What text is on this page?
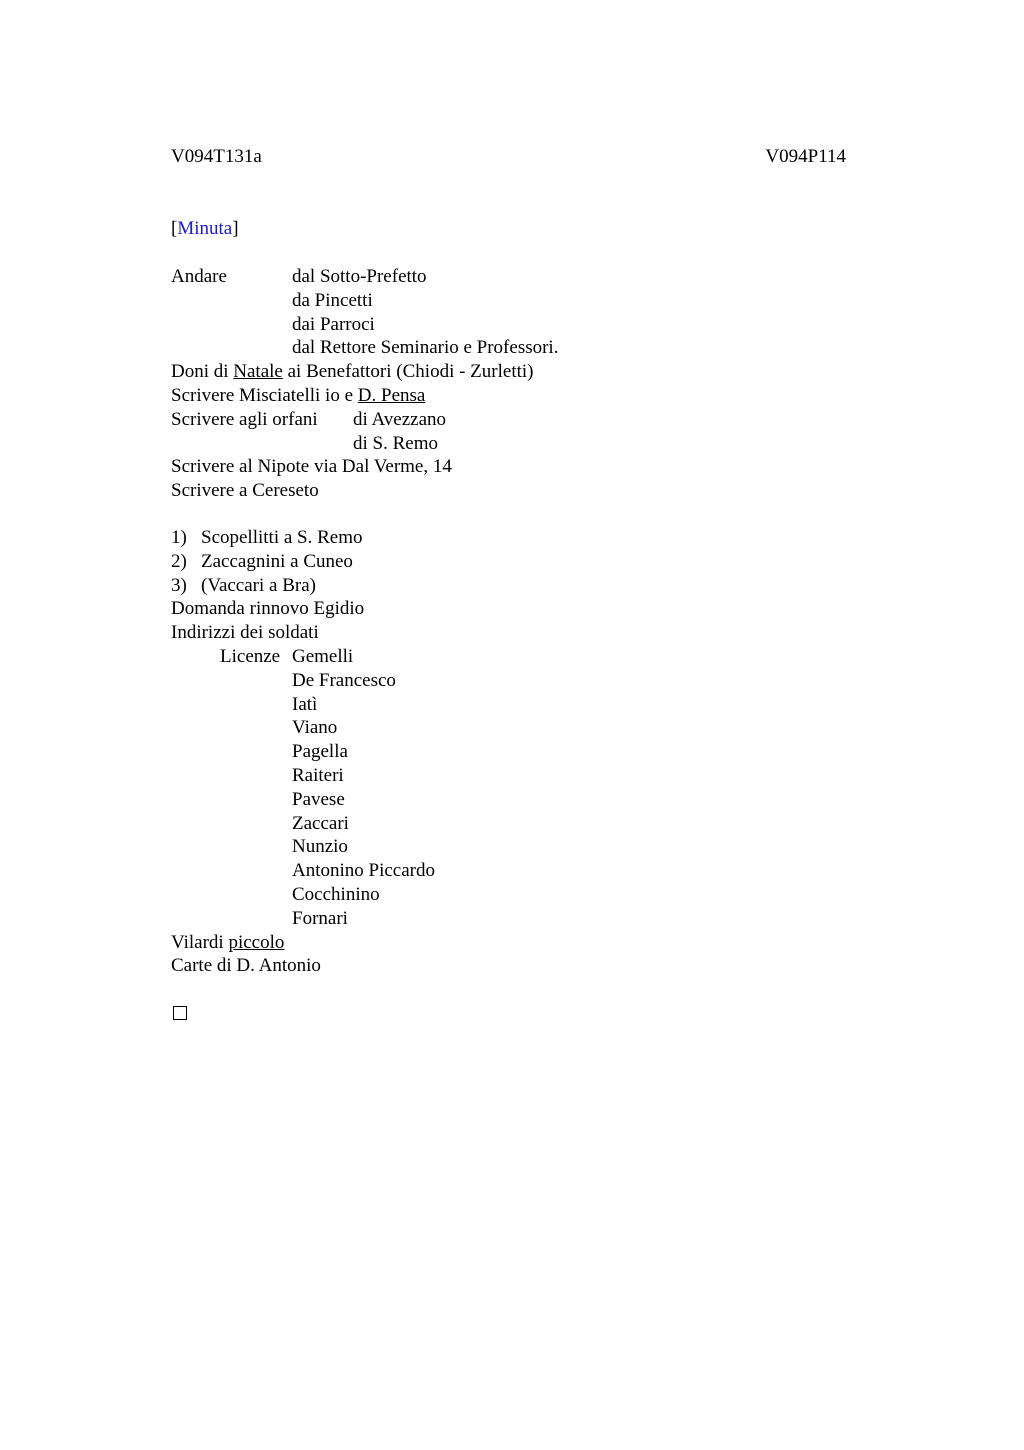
V094T131a	V094P114
[Minuta]
Andare	dal Sotto-Prefetto
da Pincetti
dai Parroci
dal Rettore Seminario e Professori.
Doni di Natale ai Benefattori (Chiodi - Zurletti)
Scrivere Misciatelli io e D. Pensa
Scrivere agli orfani di Avezzano
di S. Remo
Scrivere al Nipote via Dal Verme, 14
Scrivere a Cereseto
1) Scopellitti a S. Remo
2) Zaccagnini a Cuneo
3) (Vaccari a Bra)
Domanda rinnovo Egidio
Indirizzi dei soldati
Licenze Gemelli
De Francesco
Iatì
Viano
Pagella
Raiteri
Pavese
Zaccari
Nunzio
Antonino Piccardo
Cocchinino
Fornari
Vilardi piccolo
Carte di D. Antonio
